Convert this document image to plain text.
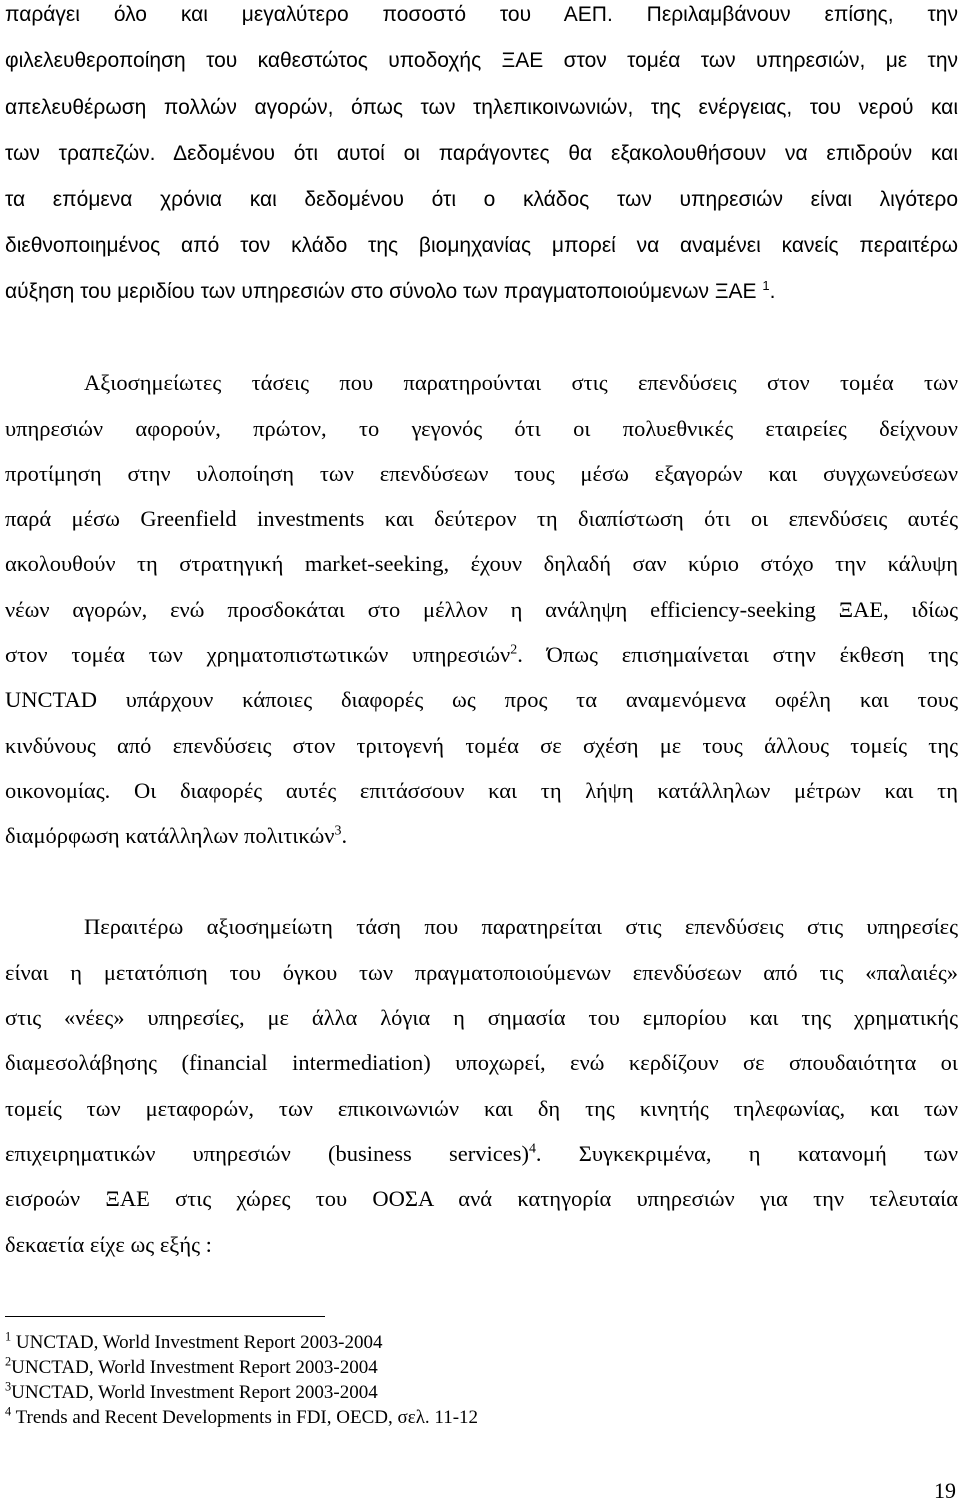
παράγει όλο και μεγαλύτερο ποσοστό του ΑΕΠ. Περιλαμβάνουν επίσης, την
φιλελευθεροποίηση του καθεστώτος υποδοχής ΞΑΕ στον τομέα των υπηρεσιών, με την
απελευθέρωση πολλών αγορών, όπως των τηλεπικοινωνιών, της ενέργειας, του νερού και
των τραπεζών. Δεδομένου ότι αυτοί οι παράγοντες θα εξακολουθήσουν να επιδρούν και
τα επόμενα χρόνια και δεδομένου ότι ο κλάδος των υπηρεσιών είναι λιγότερο
διεθνοποιημένος από τον κλάδο της βιομηχανίας μπορεί να αναμένει κανείς περαιτέρω
αύξηση του μεριδίου των υπηρεσιών στο σύνολο των πραγματοποιούμενων ΞΑΕ $^1$.
Αξιοσημείωτες τάσεις που παρατηρούνται στις επενδύσεις στον τομέα των
υπηρεσιών αφορούν, πρώτον, το γεγονός ότι οι πολυεθνικές εταιρείες δείχνουν
προτίμηση στην υλοποίηση των επενδύσεων τους μέσω εξαγορών και συγχωνεύσεων
παρά μέσω Greenfield investments και δεύτερον τη διαπίστωση ότι οι επενδύσεις αυτές
ακολουθούν τη στρατηγική market-seeking, έχουν δηλαδή σαν κύριο στόχο την κάλυψη
νέων αγορών, ενώ προσδοκάται στο μέλλον η ανάληψη efficiency-seeking ΞΑΕ, ιδίως
στον τομέα των χρηματοπιστωτικών υπηρεσιών$^2$. Όπως επισημαίνεται στην έκθεση της
UNCTAD υπάρχουν κάποιες διαφορές ως προς τα αναμενόμενα οφέλη και τους
κινδύνους από επενδύσεις στον τριτογενή τομέα σε σχέση με τους άλλους τομείς της
οικονομίας. Οι διαφορές αυτές επιτάσσουν και τη λήψη κατάλληλων μέτρων και τη
διαμόρφωση κατάλληλων πολιτικών$^3$.
Περαιτέρω αξιοσημείωτη τάση που παρατηρείται στις επενδύσεις στις υπηρεσίες
είναι η μετατόπιση του όγκου των πραγματοποιούμενων επενδύσεων από τις «παλαιές»
στις «νέες» υπηρεσίες, με άλλα λόγια η σημασία του εμπορίου και της χρηματικής
διαμεσολάβησης (financial intermediation) υποχωρεί, ενώ κερδίζουν σε σπουδαιότητα οι
τομείς των μεταφορών, των επικοινωνιών και δη της κινητής τηλεφωνίας, και των
επιχειρηματικών υπηρεσιών (business services)$^4$. Συγκεκριμένα, η κατανομή των
εισροών ΞΑΕ στις χώρες του ΟΟΣΑ ανά κατηγορία υπηρεσιών για την τελευταία
δεκαετία είχε ως εξής :
$^1$ UNCTAD, World Investment Report 2003-2004
$^2$UNCTAD, World Investment Report 2003-2004
$^3$UNCTAD, World Investment Report 2003-2004
$^4$ Trends and Recent Developments in FDI, OECD, σελ. 11-12
19
